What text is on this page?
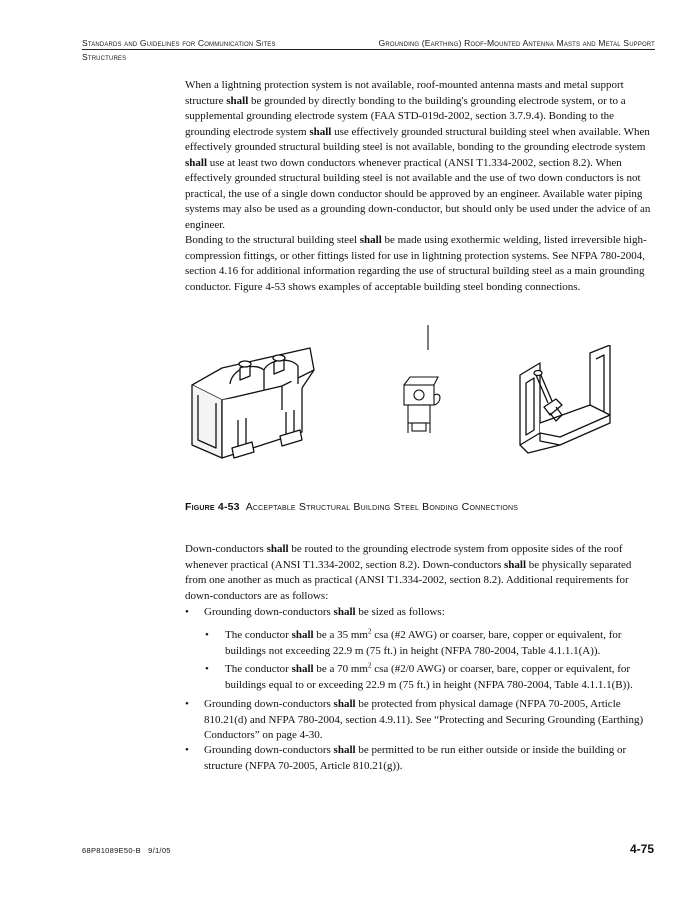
Standards and Guidelines for Communication Sites	Grounding (Earthing) Roof-Mounted Antenna Masts and Metal Support
Structures

When a lightning protection system is not available, roof-mounted antenna masts and metal support structure shall be grounded by directly bonding to the building's grounding electrode system, or to a supplemental grounding electrode system (FAA STD-019d-2002, section 3.7.9.4). Bonding to the grounding electrode system shall use effectively grounded structural building steel when available. When effectively grounded structural building steel is not available, bonding to the grounding electrode system shall use at least two down conductors whenever practical (ANSI T1.334-2002, section 8.2). When effectively grounded structural building steel is not available and the use of two down conductors is not practical, the use of a single down conductor should be approved by an engineer. Available water piping systems may also be used as a grounding down-conductor, but should only be used under the advice of an engineer.

Bonding to the structural building steel shall be made using exothermic welding, listed irreversible high-compression fittings, or other fittings listed for use in lightning protection systems. See NFPA 780-2004, section 4.16 for additional information regarding the use of structural building steel as a main grounding conductor. Figure 4-53 shows examples of acceptable building steel bonding connections.

Figure 4-53 Acceptable Structural Building Steel Bonding Connections

Down-conductors shall be routed to the grounding electrode system from opposite sides of the roof whenever practical (ANSI T1.334-2002, section 8.2). Down-conductors shall be physically separated from one another as much as practical (ANSI T1.334-2002, section 8.2). Additional requirements for down-conductors are as follows:

• Grounding down-conductors shall be sized as follows:

• The conductor shall be a 35 $mm^2$ csa (#2 AWG) or coarser, bare, copper or equivalent, for buildings not exceeding 22.9 m (75 ft.) in height (NFPA 780-2004, Table 4.1.1.1(A)).

• The conductor shall be a 70 $mm^2$ csa (#2/0 AWG) or coarser, bare, copper or equivalent, for buildings equal to or exceeding 22.9 m (75 ft.) in height (NFPA 780-2004, Table 4.1.1.1(B)).

• Grounding down-conductors shall be protected from physical damage (NFPA 70-2005, Article 810.21(d) and NFPA 780-2004, section 4.9.11). See “Protecting and Securing Grounding (Earthing) Conductors” on page 4-30.

• Grounding down-conductors shall be permitted to be run either outside or inside the building or structure (NFPA 70-2005, Article 810.21(g)).

68P81089E50-B 9/1/05	4-75
